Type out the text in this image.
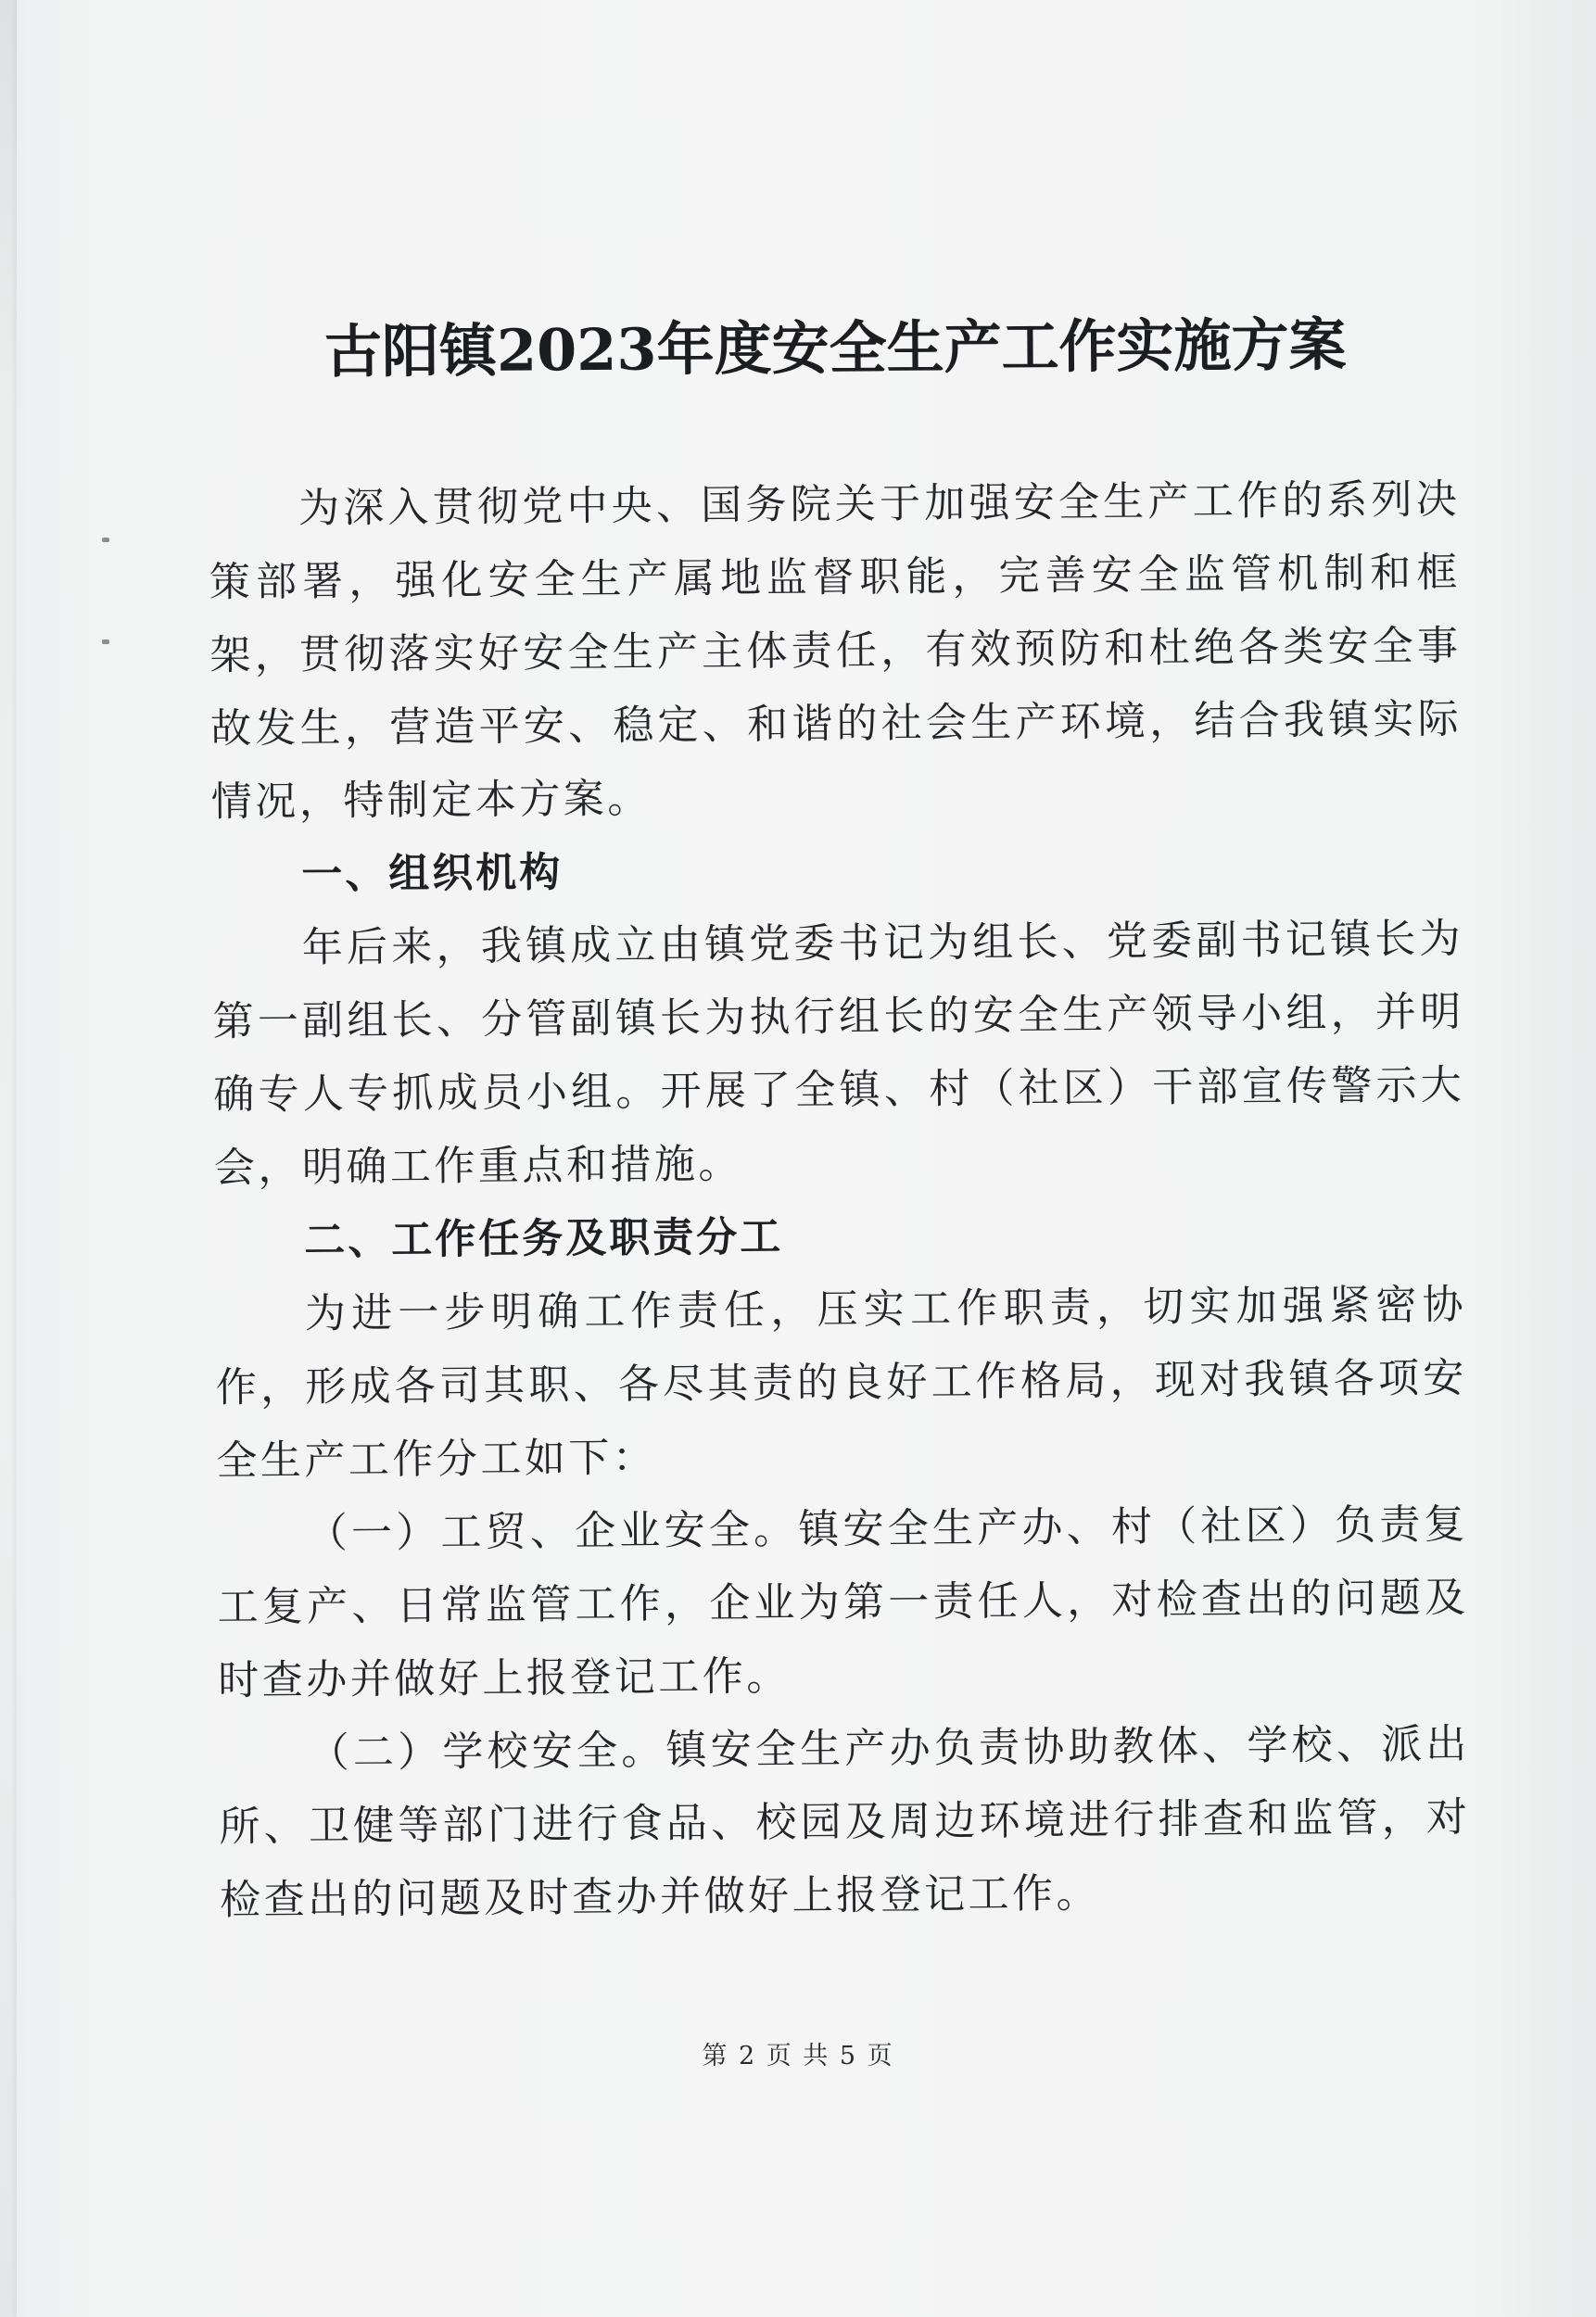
古阳镇2023年度安全生产工作实施方案

为深入贯彻党中央、国务院关于加强安全生产工作的系列决策部署，强化安全生产属地监督职能，完善安全监管机制和框架，贯彻落实好安全生产主体责任，有效预防和杜绝各类安全事故发生，营造平安、稳定、和谐的社会生产环境，结合我镇实际情况，特制定本方案。

一、组织机构

年后来，我镇成立由镇党委书记为组长、党委副书记镇长为第一副组长、分管副镇长为执行组长的安全生产领导小组，并明确专人专抓成员小组。开展了全镇、村（社区）干部宣传警示大会，明确工作重点和措施。

二、工作任务及职责分工

为进一步明确工作责任，压实工作职责，切实加强紧密协作，形成各司其职、各尽其责的良好工作格局，现对我镇各项安全生产工作分工如下：

（一）工贸、企业安全。镇安全生产办、村（社区）负责复工复产、日常监管工作，企业为第一责任人，对检查出的问题及时查办并做好上报登记工作。

（二）学校安全。镇安全生产办负责协助教体、学校、派出所、卫健等部门进行食品、校园及周边环境进行排查和监管，对检查出的问题及时查办并做好上报登记工作。

第 2 页 共 5 页
